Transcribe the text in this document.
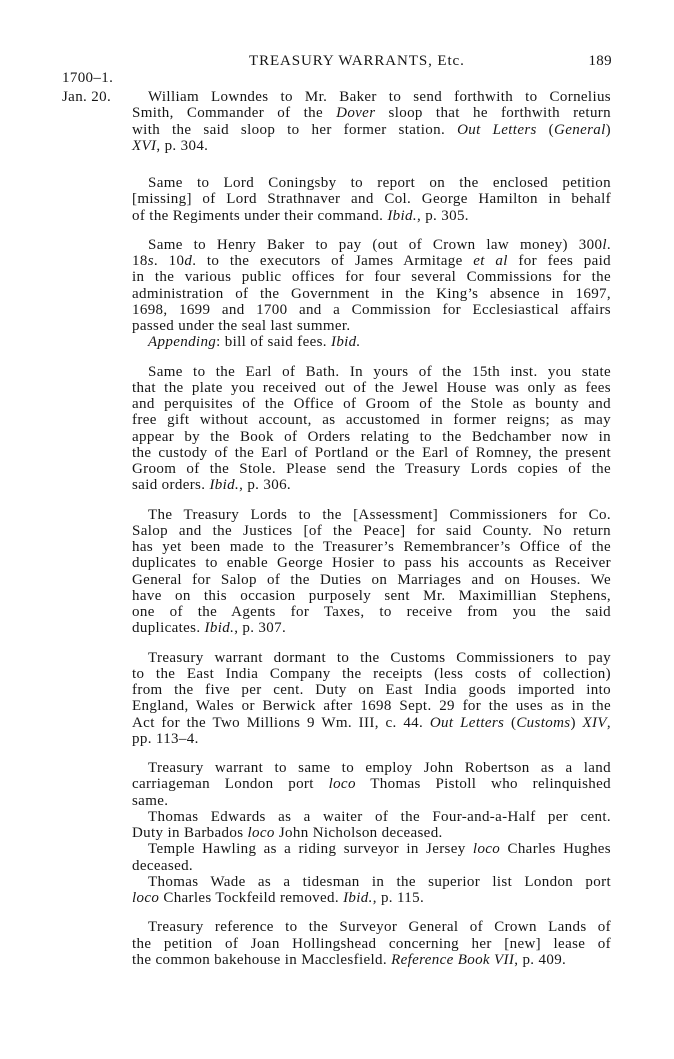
TREASURY WARRANTS, Etc.	189
1700–1.
Jan. 20.	William Lowndes to Mr. Baker to send forthwith to Cornelius
Smith, Commander of the Dover sloop that he forthwith return
with the said sloop to her former station. Out Letters (General)
XVI, p. 304.
Same to Lord Coningsby to report on the enclosed petition
[missing] of Lord Strathnaver and Col. George Hamilton in behalf
of the Regiments under their command. Ibid., p. 305.
Same to Henry Baker to pay (out of Crown law money) 300l.
18s. 10d. to the executors of James Armitage et al for fees paid
in the various public offices for four several Commissions for the
administration of the Government in the King’s absence in 1697,
1698, 1699 and 1700 and a Commission for Ecclesiastical affairs
passed under the seal last summer.
Appending: bill of said fees. Ibid.
Same to the Earl of Bath. In yours of the 15th inst. you state
that the plate you received out of the Jewel House was only as fees
and perquisites of the Office of Groom of the Stole as bounty and
free gift without account, as accustomed in former reigns; as may
appear by the Book of Orders relating to the Bedchamber now in
the custody of the Earl of Portland or the Earl of Romney, the present
Groom of the Stole. Please send the Treasury Lords copies of the
said orders. Ibid., p. 306.
The Treasury Lords to the [Assessment] Commissioners for Co.
Salop and the Justices [of the Peace] for said County. No return
has yet been made to the Treasurer’s Remembrancer’s Office of the
duplicates to enable George Hosier to pass his accounts as Receiver
General for Salop of the Duties on Marriages and on Houses. We
have on this occasion purposely sent Mr. Maximillian Stephens,
one of the Agents for Taxes, to receive from you the said
duplicates. Ibid., p. 307.
Treasury warrant dormant to the Customs Commissioners to pay
to the East India Company the receipts (less costs of collection)
from the five per cent. Duty on East India goods imported into
England, Wales or Berwick after 1698 Sept. 29 for the uses as in the
Act for the Two Millions 9 Wm. III, c. 44. Out Letters (Customs) XIV,
pp. 113–4.
Treasury warrant to same to employ John Robertson as a land
carriageman London port loco Thomas Pistoll who relinquished
same.
Thomas Edwards as a waiter of the Four-and-a-Half per cent.
Duty in Barbados loco John Nicholson deceased.
Temple Hawling as a riding surveyor in Jersey loco Charles Hughes
deceased.
Thomas Wade as a tidesman in the superior list London port
loco Charles Tockfeild removed. Ibid., p. 115.
Treasury reference to the Surveyor General of Crown Lands of
the petition of Joan Hollingshead concerning her [new] lease of
the common bakehouse in Macclesfield. Reference Book VII, p. 409.
